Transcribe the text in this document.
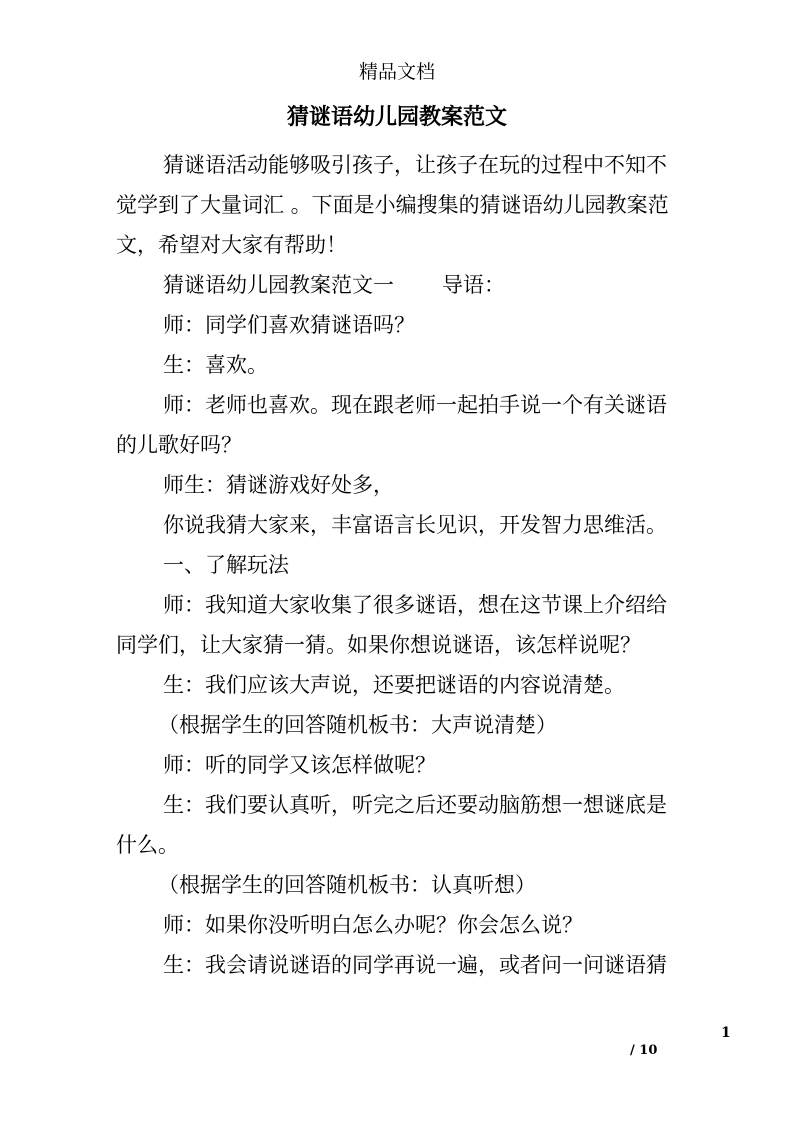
精品文档
猜谜语幼儿园教案范文

猜谜语活动能够吸引孩子，让孩子在玩的过程中不知不

觉学到了大量词汇 。下面是小编搜集的猜谜语幼儿园教案范

文，希望对大家有帮助！

猜谜语幼儿园教案范文一 导语：

师：同学们喜欢猜谜语吗？

生：喜欢。

师：老师也喜欢。现在跟老师一起拍手说一个有关谜语

的儿歌好吗？

师生：猜谜游戏好处多，

你说我猜大家来，丰富语言长见识，开发智力思维活。

一、了解玩法

师：我知道大家收集了很多谜语，想在这节课上介绍给

同学们，让大家猜一猜。如果你想说谜语，该怎样说呢？

生：我们应该大声说，还要把谜语的内容说清楚。

（根据学生的回答随机板书：大声说清楚）

师：听的同学又该怎样做呢？

生：我们要认真听，听完之后还要动脑筋想一想谜底是

什么。

（根据学生的回答随机板书：认真听想）

师：如果你没听明白怎么办呢？你会怎么说？

生：我会请说谜语的同学再说一遍，或者问一问谜语猜

1
/ 10
